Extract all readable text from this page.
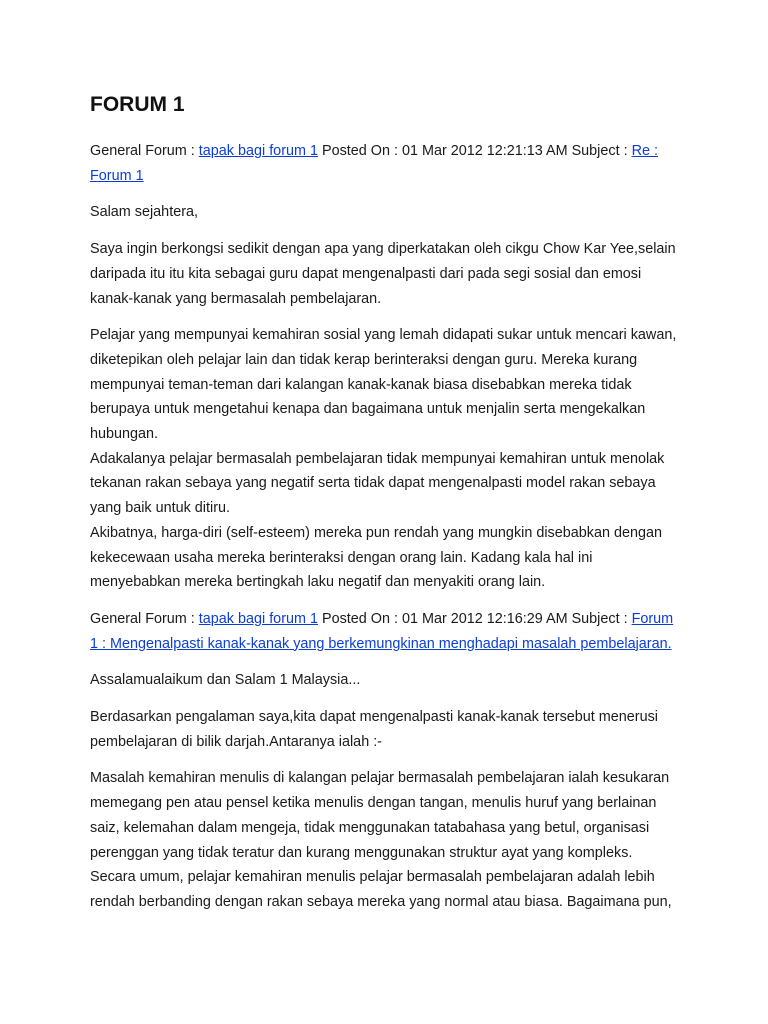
FORUM 1

General Forum : tapak bagi forum 1 Posted On : 01 Mar 2012 12:21:13 AM Subject : Re : Forum 1

Salam sejahtera,

Saya ingin berkongsi sedikit dengan apa yang diperkatakan oleh cikgu Chow Kar Yee,selain daripada itu itu kita sebagai guru dapat mengenalpasti dari pada segi sosial dan emosi kanak-kanak yang bermasalah pembelajaran.

Pelajar yang mempunyai kemahiran sosial yang lemah didapati sukar untuk mencari kawan, diketepikan oleh pelajar lain dan tidak kerap berinteraksi dengan guru. Mereka kurang mempunyai teman-teman dari kalangan kanak-kanak biasa disebabkan mereka tidak berupaya untuk mengetahui kenapa dan bagaimana untuk menjalin serta mengekalkan hubungan.

Adakalanya pelajar bermasalah pembelajaran tidak mempunyai kemahiran untuk menolak tekanan rakan sebaya yang negatif serta tidak dapat mengenalpasti model rakan sebaya yang baik untuk ditiru.

Akibatnya, harga-diri (self-esteem) mereka pun rendah yang mungkin disebabkan dengan kekecewaan usaha mereka berinteraksi dengan orang lain. Kadang kala hal ini menyebabkan mereka bertingkah laku negatif dan menyakiti orang lain.

General Forum : tapak bagi forum 1 Posted On : 01 Mar 2012 12:16:29 AM Subject : Forum 1 : Mengenalpasti kanak-kanak yang berkemungkinan menghadapi masalah pembelajaran.

Assalamualaikum dan Salam 1 Malaysia...

Berdasarkan pengalaman saya,kita dapat mengenalpasti kanak-kanak tersebut menerusi pembelajaran di bilik darjah.Antaranya ialah :-

Masalah kemahiran menulis di kalangan pelajar bermasalah pembelajaran ialah kesukaran memegang pen atau pensel ketika menulis dengan tangan, menulis huruf yang berlainan saiz, kelemahan dalam mengeja, tidak menggunakan tatabahasa yang betul, organisasi perenggan yang tidak teratur dan kurang menggunakan struktur ayat yang kompleks.

Secara umum, pelajar kemahiran menulis pelajar bermasalah pembelajaran adalah lebih rendah berbanding dengan rakan sebaya mereka yang normal atau biasa. Bagaimana pun,
